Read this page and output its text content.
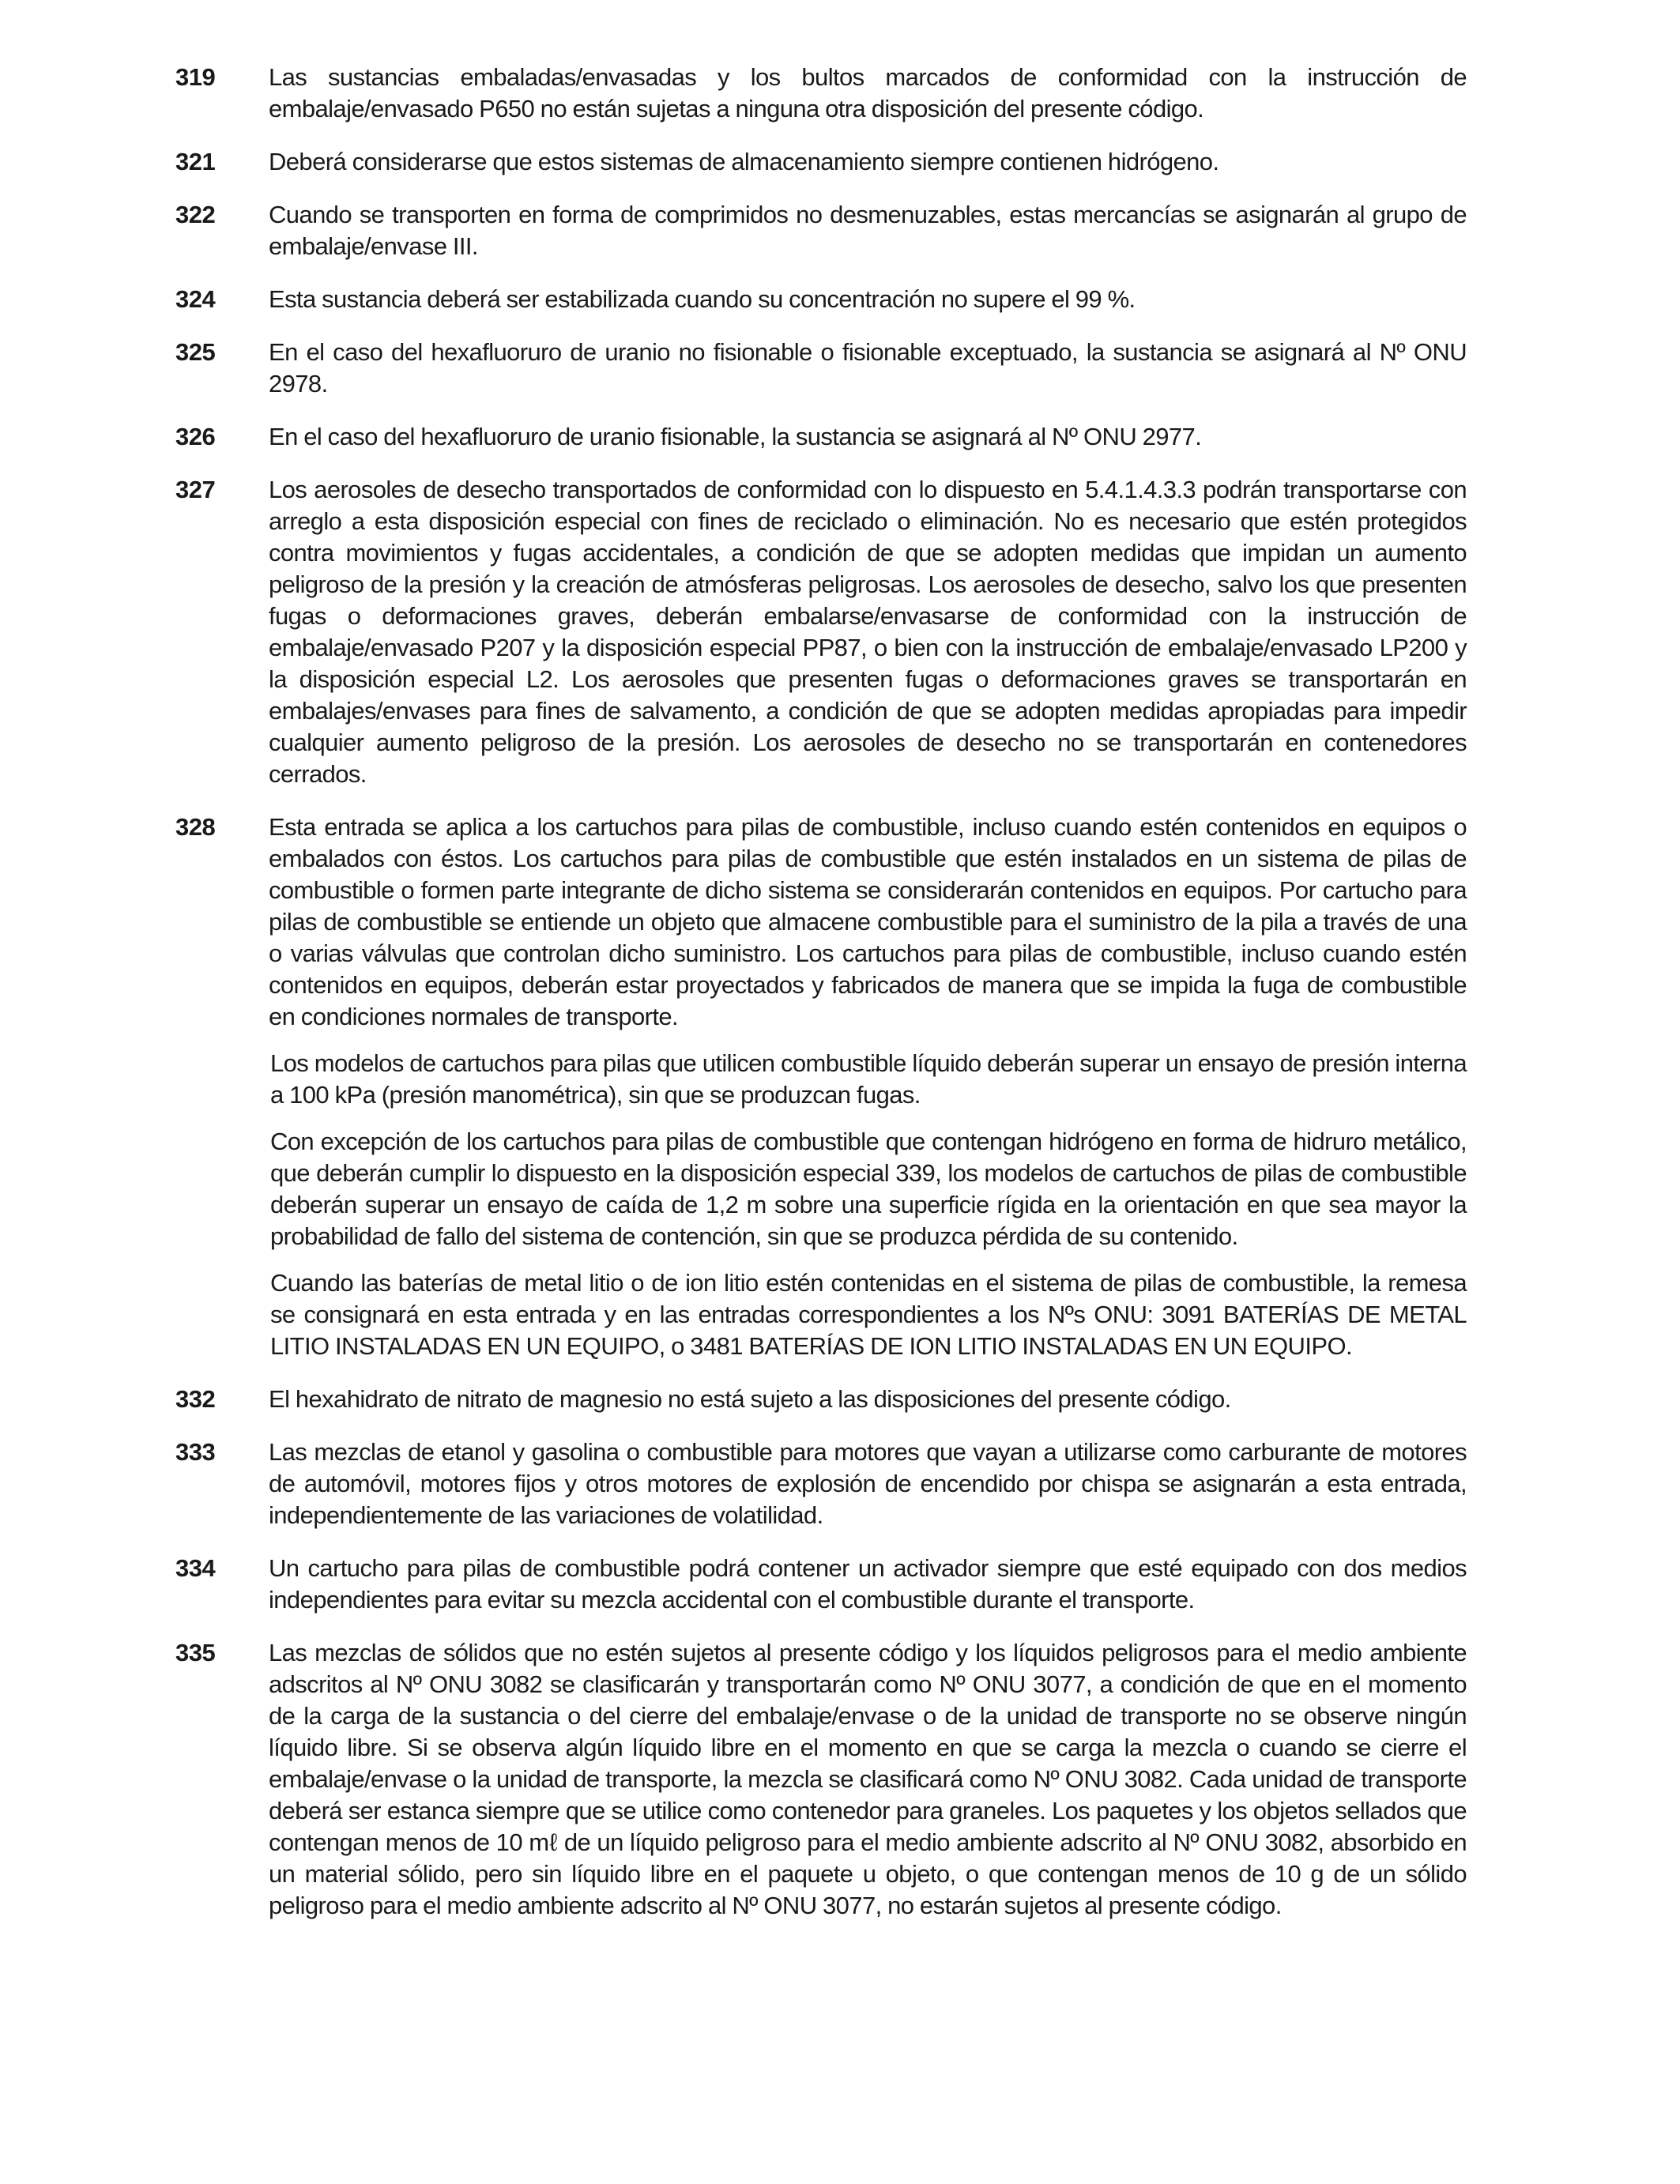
319 Las sustancias embaladas/envasadas y los bultos marcados de conformidad con la instrucción de embalaje/envasado P650 no están sujetas a ninguna otra disposición del presente código.

321 Deberá considerarse que estos sistemas de almacenamiento siempre contienen hidrógeno.

322 Cuando se transporten en forma de comprimidos no desmenuzables, estas mercancías se asignarán al grupo de embalaje/envase III.

324 Esta sustancia deberá ser estabilizada cuando su concentración no supere el 99 %.

325 En el caso del hexafluoruro de uranio no fisionable o fisionable exceptuado, la sustancia se asignará al Nº ONU 2978.

326 En el caso del hexafluoruro de uranio fisionable, la sustancia se asignará al Nº ONU 2977.

327 Los aerosoles de desecho transportados de conformidad con lo dispuesto en 5.4.1.4.3.3 podrán transportarse con arreglo a esta disposición especial con fines de reciclado o eliminación. No es necesario que estén protegidos contra movimientos y fugas accidentales, a condición de que se adopten medidas que impidan un aumento peligroso de la presión y la creación de atmósferas peligrosas. Los aerosoles de desecho, salvo los que presenten fugas o deformaciones graves, deberán embalarse/envasarse de conformidad con la instrucción de embalaje/envasado P207 y la disposición especial PP87, o bien con la instrucción de embalaje/envasado LP200 y la disposición especial L2. Los aerosoles que presenten fugas o deformaciones graves se transportarán en embalajes/envases para fines de salvamento, a condición de que se adopten medidas apropiadas para impedir cualquier aumento peligroso de la presión. Los aerosoles de desecho no se transportarán en contenedores cerrados.

328 Esta entrada se aplica a los cartuchos para pilas de combustible, incluso cuando estén contenidos en equipos o embalados con éstos. Los cartuchos para pilas de combustible que estén instalados en un sistema de pilas de combustible o formen parte integrante de dicho sistema se considerarán contenidos en equipos. Por cartucho para pilas de combustible se entiende un objeto que almacene combustible para el suministro de la pila a través de una o varias válvulas que controlan dicho suministro. Los cartuchos para pilas de combustible, incluso cuando estén contenidos en equipos, deberán estar proyectados y fabricados de manera que se impida la fuga de combustible en condiciones normales de transporte.

Los modelos de cartuchos para pilas que utilicen combustible líquido deberán superar un ensayo de presión interna a 100 kPa (presión manométrica), sin que se produzcan fugas.

Con excepción de los cartuchos para pilas de combustible que contengan hidrógeno en forma de hidruro metálico, que deberán cumplir lo dispuesto en la disposición especial 339, los modelos de cartuchos de pilas de combustible deberán superar un ensayo de caída de 1,2 m sobre una superficie rígida en la orientación en que sea mayor la probabilidad de fallo del sistema de contención, sin que se produzca pérdida de su contenido.

Cuando las baterías de metal litio o de ion litio estén contenidas en el sistema de pilas de combustible, la remesa se consignará en esta entrada y en las entradas correspondientes a los Nºs ONU: 3091 BATERÍAS DE METAL LITIO INSTALADAS EN UN EQUIPO, o 3481 BATERÍAS DE ION LITIO INSTALADAS EN UN EQUIPO.

332 El hexahidrato de nitrato de magnesio no está sujeto a las disposiciones del presente código.

333 Las mezclas de etanol y gasolina o combustible para motores que vayan a utilizarse como carburante de motores de automóvil, motores fijos y otros motores de explosión de encendido por chispa se asignarán a esta entrada, independientemente de las variaciones de volatilidad.

334 Un cartucho para pilas de combustible podrá contener un activador siempre que esté equipado con dos medios independientes para evitar su mezcla accidental con el combustible durante el transporte.

335 Las mezclas de sólidos que no estén sujetos al presente código y los líquidos peligrosos para el medio ambiente adscritos al Nº ONU 3082 se clasificarán y transportarán como Nº ONU 3077, a condición de que en el momento de la carga de la sustancia o del cierre del embalaje/envase o de la unidad de transporte no se observe ningún líquido libre. Si se observa algún líquido libre en el momento en que se carga la mezcla o cuando se cierre el embalaje/envase o la unidad de transporte, la mezcla se clasificará como Nº ONU 3082. Cada unidad de transporte deberá ser estanca siempre que se utilice como contenedor para graneles. Los paquetes y los objetos sellados que contengan menos de 10 mℓ de un líquido peligroso para el medio ambiente adscrito al Nº ONU 3082, absorbido en un material sólido, pero sin líquido libre en el paquete u objeto, o que contengan menos de 10 g de un sólido peligroso para el medio ambiente adscrito al Nº ONU 3077, no estarán sujetos al presente código.
